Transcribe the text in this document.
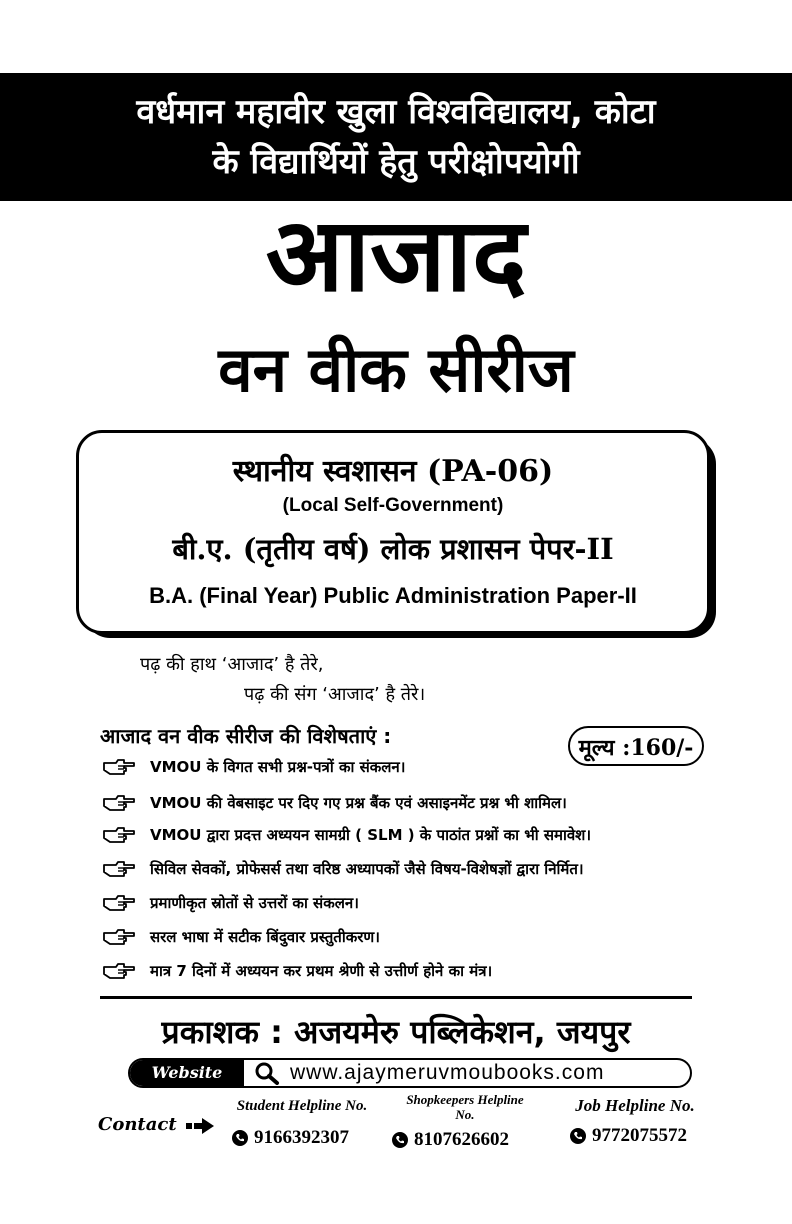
वर्धमान महावीर खुला विश्वविद्यालय, कोटा
के विद्यार्थियों हेतु परीक्षोपयोगी
आजाद
वन वीक सीरीज
स्थानीय स्वशासन (PA-06)
(Local Self-Government)
बी.ए. (तृतीय वर्ष) लोक प्रशासन पेपर-II
B.A. (Final Year) Public Administration Paper-II
पढ़ की हाथ ‘आजाद’ है तेरे,
पढ़ की संग ‘आजाद’ है तेरे।
आजाद वन वीक सीरीज की विशेषताएं :	मूल्य :160/-
VMOU के विगत सभी प्रश्न-पत्रों का संकलन।
VMOU की वेबसाइट पर दिए गए प्रश्न बैंक एवं असाइनमेंट प्रश्न भी शामिल।
VMOU द्वारा प्रदत्त अध्ययन सामग्री ( SLM ) के पाठांत प्रश्नों का भी समावेश।
सिविल सेवकों, प्रोफेसर्स तथा वरिष्ठ अध्यापकों जैसे विषय-विशेषज्ञों द्वारा निर्मित।
प्रमाणीकृत स्रोतों से उत्तरों का संकलन।
सरल भाषा में सटीक बिंदुवार प्रस्तुतीकरण।
मात्र 7 दिनों में अध्ययन कर प्रथम श्रेणी से उत्तीर्ण होने का मंत्र।
प्रकाशक : अजयमेरु पब्लिकेशन, जयपुर
Website	www.ajaymeruvmoubooks.com
Contact
Student Helpline No.	Shopkeepers Helpline No.	Job Helpline No.
9166392307	8107626602	9772075572
